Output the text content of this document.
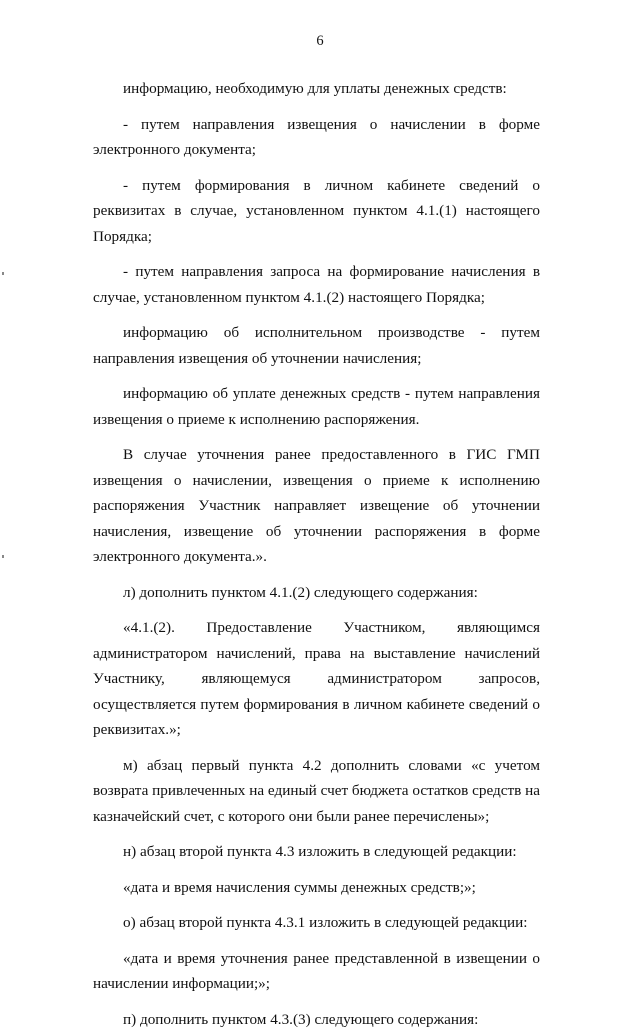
6

информацию, необходимую для уплаты денежных средств:

- путем направления извещения о начислении в форме электронного документа;

- путем формирования в личном кабинете сведений о реквизитах в случае, установленном пунктом 4.1.(1) настоящего Порядка;

- путем направления запроса на формирование начисления в случае, установленном пунктом 4.1.(2) настоящего Порядка;

информацию об исполнительном производстве - путем направления извещения об уточнении начисления;

информацию об уплате денежных средств - путем направления извещения о приеме к исполнению распоряжения.

В случае уточнения ранее предоставленного в ГИС ГМП извещения о начислении, извещения о приеме к исполнению распоряжения Участник направляет извещение об уточнении начисления, извещение об уточнении распоряжения в форме электронного документа.».

л) дополнить пунктом 4.1.(2) следующего содержания:

«4.1.(2). Предоставление Участником, являющимся администратором начислений, права на выставление начислений Участнику, являющемуся администратором запросов, осуществляется путем формирования в личном кабинете сведений о реквизитах.»;

м) абзац первый пункта 4.2 дополнить словами «с учетом возврата привлеченных на единый счет бюджета остатков средств на казначейский счет, с которого они были ранее перечислены»;

н) абзац второй пункта 4.3 изложить в следующей редакции:

«дата и время начисления суммы денежных средств;»;

о) абзац второй пункта 4.3.1 изложить в следующей редакции:

«дата и время уточнения ранее представленной в извещении о начислении информации;»;

п) дополнить пунктом 4.3.(3) следующего содержания:
